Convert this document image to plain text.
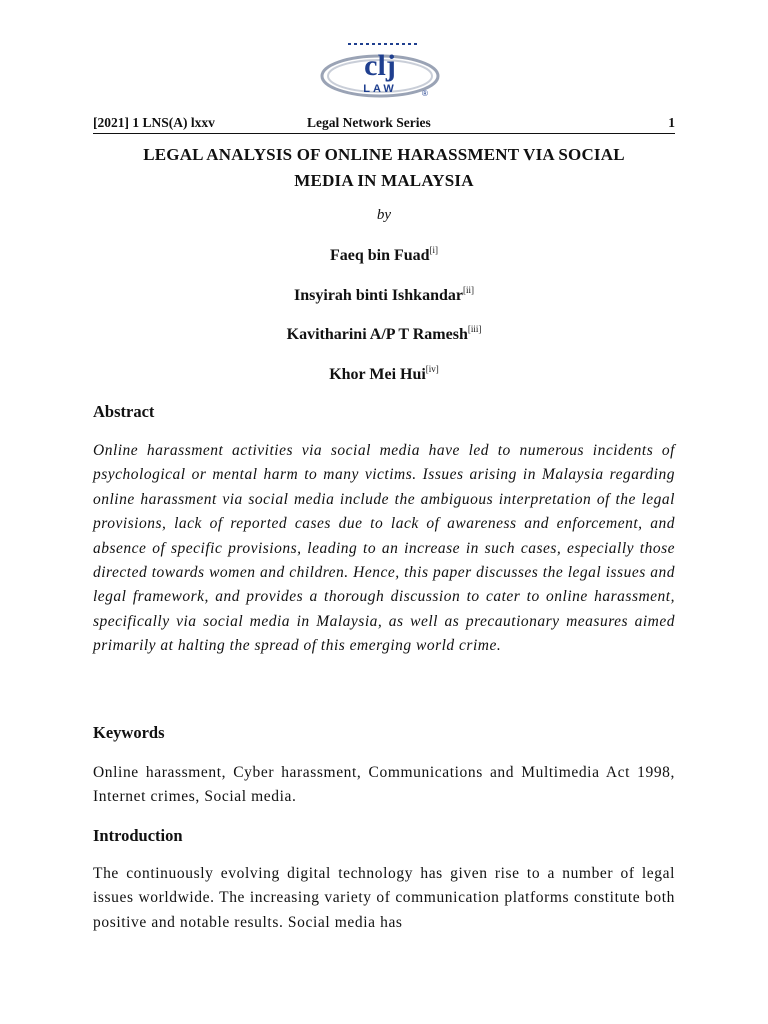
clj
LAW	®
[2021] 1 LNS(A) lxxv	Legal Network Series	1
LEGAL ANALYSIS OF ONLINE HARASSMENT VIA SOCIAL
MEDIA IN MALAYSIA
by
Faeq bin Fuad[i]
Insyirah binti Ishkandar[ii]
Kavitharini A/P T Ramesh[iii]
Khor Mei Hui[iv]
Abstract

Online harassment activities via social media have led to numerous incidents of psychological or mental harm to many victims. Issues arising in Malaysia regarding online harassment via social media include the ambiguous interpretation of the legal provisions, lack of reported cases due to lack of awareness and enforcement, and absence of specific provisions, leading to an increase in such cases, especially those directed towards women and children. Hence, this paper discusses the legal issues and legal framework, and provides a thorough discussion to cater to online harassment, specifically via social media in Malaysia, as well as precautionary measures aimed primarily at halting the spread of this emerging world crime.

Keywords

Online harassment, Cyber harassment, Communications and Multimedia Act 1998, Internet crimes, Social media.

Introduction

The continuously evolving digital technology has given rise to a number of legal issues worldwide. The increasing variety of communication platforms constitute both positive and notable results. Social media has
